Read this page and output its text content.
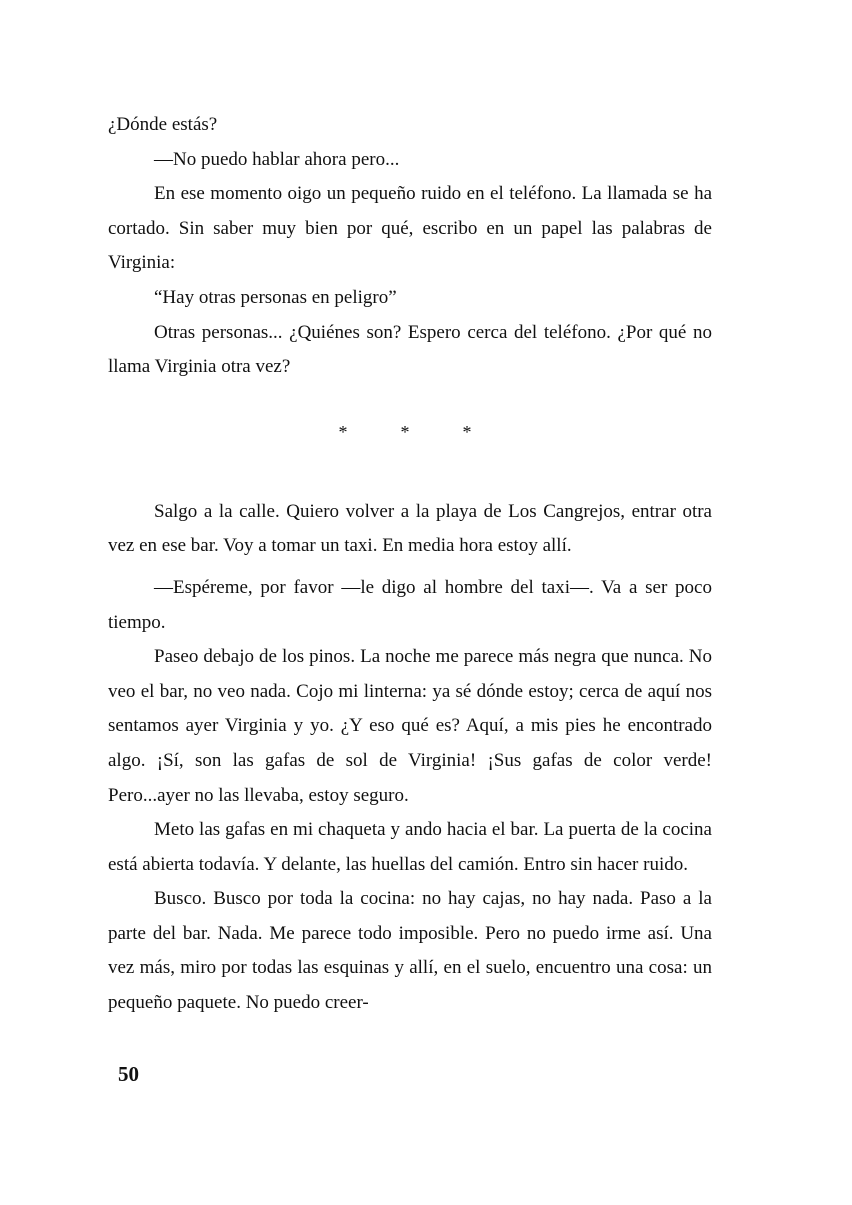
¿Dónde estás?

—No puedo hablar ahora pero...

En ese momento oigo un pequeño ruido en el teléfono. La llamada se ha cortado. Sin saber muy bien por qué, escribo en un papel las palabras de Virginia:

“Hay otras personas en peligro”

Otras personas... ¿Quiénes son? Espero cerca del teléfono. ¿Por qué no llama Virginia otra vez?

*	*	*

Salgo a la calle. Quiero volver a la playa de Los Cangrejos, entrar otra vez en ese bar. Voy a tomar un taxi. En media hora estoy allí.

—Espéreme, por favor —le digo al hombre del taxi—. Va a ser poco tiempo.

Paseo debajo de los pinos. La noche me parece más negra que nunca. No veo el bar, no veo nada. Cojo mi linterna: ya sé dónde estoy; cerca de aquí nos sentamos ayer Virginia y yo. ¿Y eso qué es? Aquí, a mis pies he encontrado algo. ¡Sí, son las gafas de sol de Virginia! ¡Sus gafas de color verde! Pero...ayer no las llevaba, estoy seguro.

Meto las gafas en mi chaqueta y ando hacia el bar. La puerta de la cocina está abierta todavía. Y delante, las huellas del camión. Entro sin hacer ruido.

Busco. Busco por toda la cocina: no hay cajas, no hay nada. Paso a la parte del bar. Nada. Me parece todo imposible. Pero no puedo irme así. Una vez más, miro por todas las esquinas y allí, en el suelo, encuentro una cosa: un pequeño paquete. No puedo creer-

50
